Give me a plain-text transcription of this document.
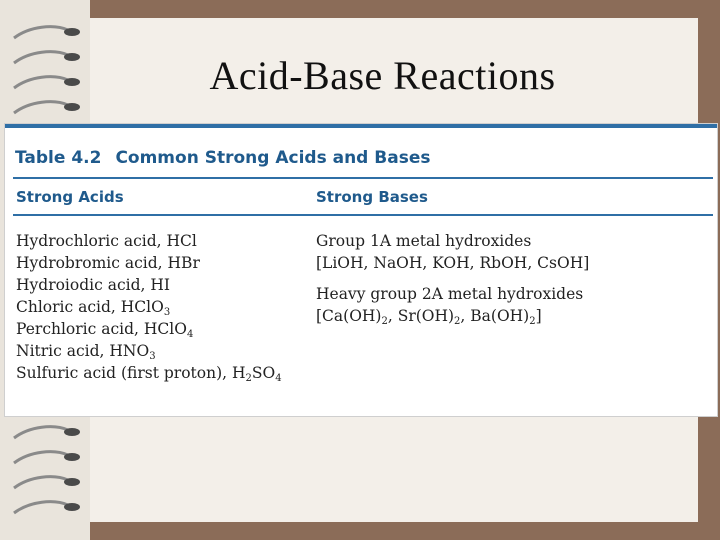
Acid-Base Reactions
Table 4.2 Common Strong Acids and Bases
Strong Acids	Strong Bases
Hydrochloric acid, HCl
Hydrobromic acid, HBr
Hydroiodic acid, HI
Chloric acid, HClO$_3$
Perchloric acid, HClO$_4$
Nitric acid, $HNO_3$
Sulfuric acid (first proton), $H_2SO_4$
Group 1A metal hydroxides
[LiOH, NaOH, KOH, RbOH, CsOH]
Heavy group 2A metal hydroxides
[$Ca(OH)_2$, $Sr(OH)_2$, $Ba(OH)_2$]
